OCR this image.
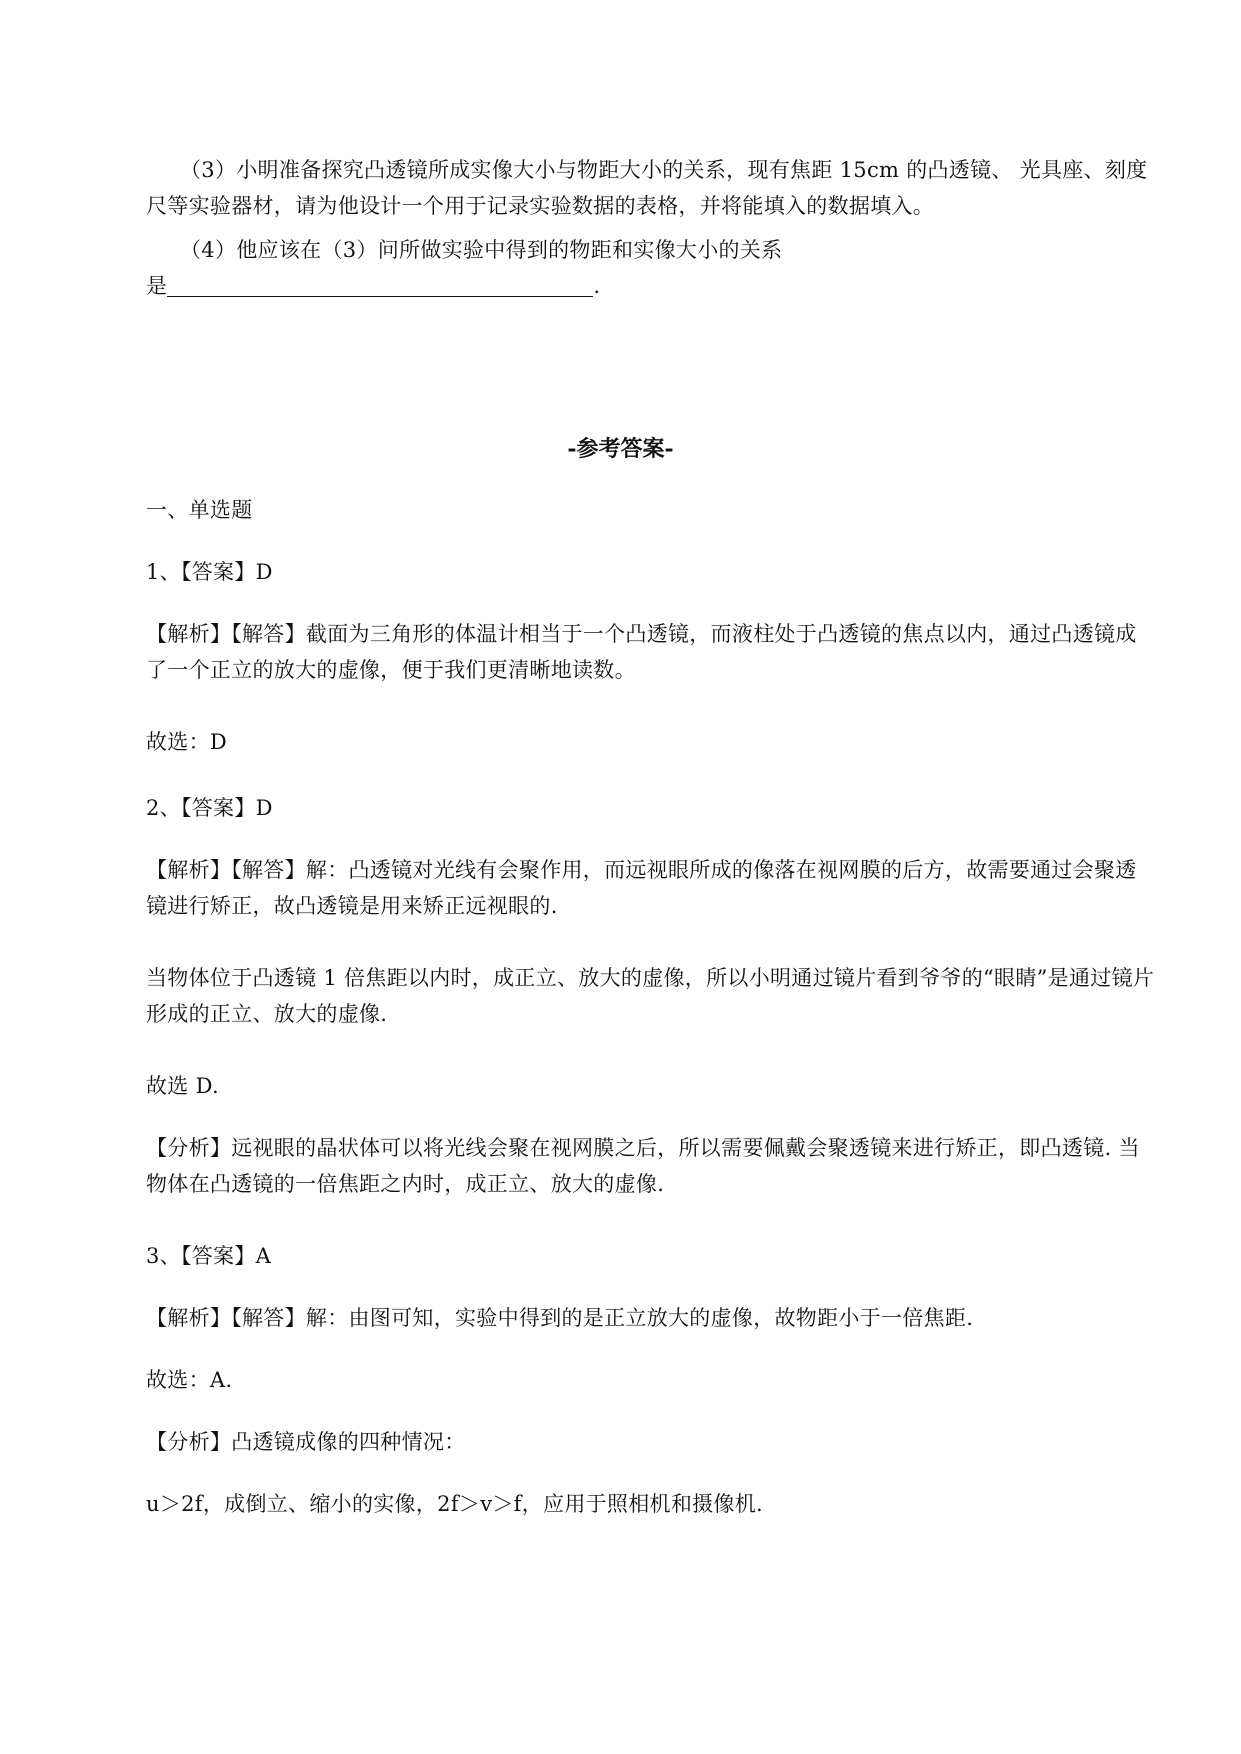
（3）小明准备探究凸透镜所成实像大小与物距大小的关系，现有焦距 15cm 的凸透镜、 光具座、刻度尺等实验器材，请为他设计一个用于记录实验数据的表格，并将能填入的数据填入。
（4）他应该在（3）问所做实验中得到的物距和实像大小的关系
是	.
-参考答案-
一、单选题
1、【答案】D
【解析】【解答】截面为三角形的体温计相当于一个凸透镜，而液柱处于凸透镜的焦点以内，通过凸透镜成了一个正立的放大的虚像，便于我们更清晰地读数。
故选：D
2、【答案】D
【解析】【解答】解：凸透镜对光线有会聚作用，而远视眼所成的像落在视网膜的后方，故需要通过会聚透镜进行矫正，故凸透镜是用来矫正远视眼的.
当物体位于凸透镜 1 倍焦距以内时，成正立、放大的虚像，所以小明通过镜片看到爷爷的“眼睛”是通过镜片形成的正立、放大的虚像.
故选 D.
【分析】远视眼的晶状体可以将光线会聚在视网膜之后，所以需要佩戴会聚透镜来进行矫正，即凸透镜. 当物体在凸透镜的一倍焦距之内时，成正立、放大的虚像.
3、【答案】A
【解析】【解答】解：由图可知，实验中得到的是正立放大的虚像，故物距小于一倍焦距.
故选：A.
【分析】凸透镜成像的四种情况：
u＞2f，成倒立、缩小的实像，2f＞v＞f，应用于照相机和摄像机.
